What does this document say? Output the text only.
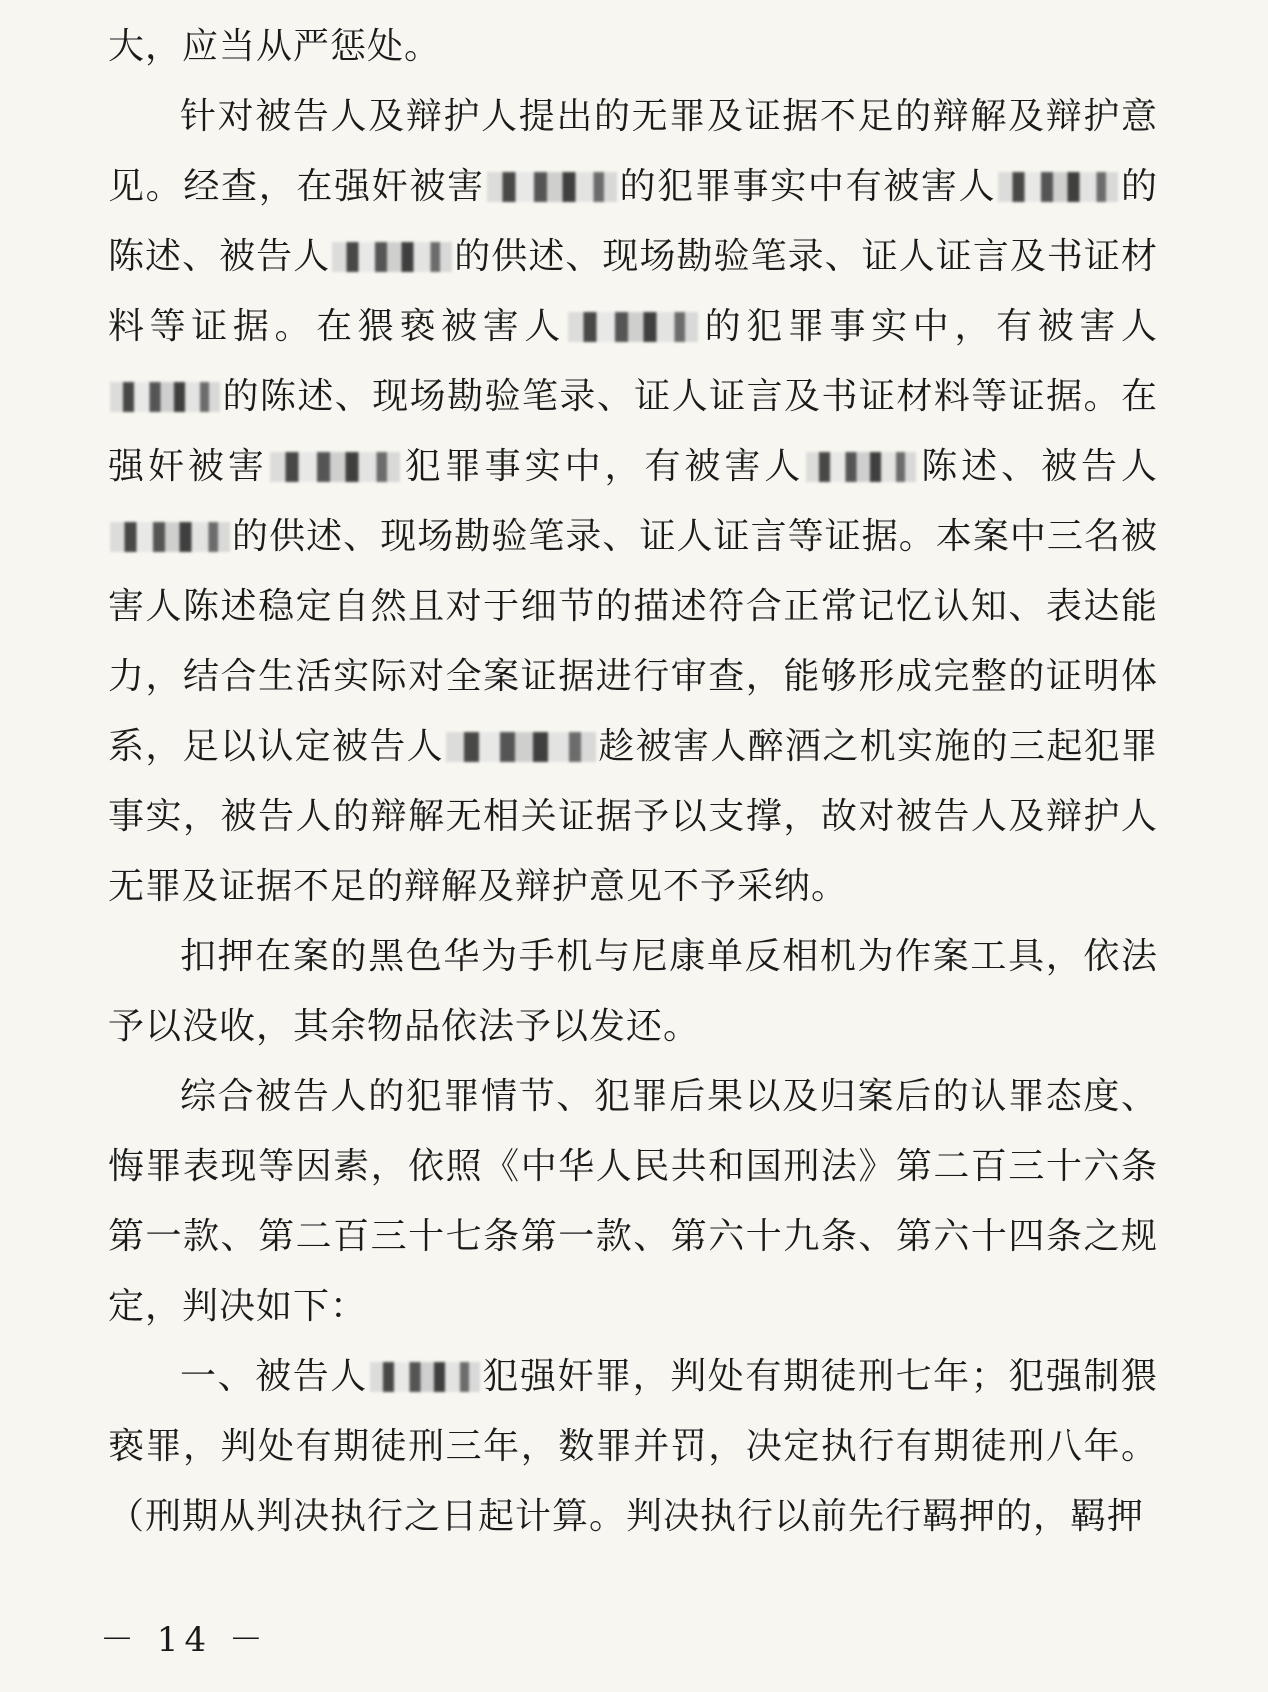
大，应当从严惩处。

针对被告人及辩护人提出的无罪及证据不足的辩解及辩护意见。经查，在强奸被害	的犯罪事实中有被害人	的陈述、被告人	的供述、现场勘验笔录、证人证言及书证材料等证据。在猥亵被害人	的犯罪事实中，有被害人的陈述、现场勘验笔录、证人证言及书证材料等证据。在强奸被害	犯罪事实中，有被害人	陈述、被告人的供述、现场勘验笔录、证人证言等证据。本案中三名被害人陈述稳定自然且对于细节的描述符合正常记忆认知、表达能力，结合生活实际对全案证据进行审查，能够形成完整的证明体系，足以认定被告人	趁被害人醉酒之机实施的三起犯罪事实，被告人的辩解无相关证据予以支撑，故对被告人及辩护人无罪及证据不足的辩解及辩护意见不予采纳。

扣押在案的黑色华为手机与尼康单反相机为作案工具，依法予以没收，其余物品依法予以发还。

综合被告人的犯罪情节、犯罪后果以及归案后的认罪态度、悔罪表现等因素，依照《中华人民共和国刑法》第二百三十六条第一款、第二百三十七条第一款、第六十九条、第六十四条之规定，判决如下：

一、被告人	犯强奸罪，判处有期徒刑七年；犯强制猥亵罪，判处有期徒刑三年，数罪并罚，决定执行有期徒刑八年。（刑期从判决执行之日起计算。判决执行以前先行羁押的，羁押

－ 14 －
